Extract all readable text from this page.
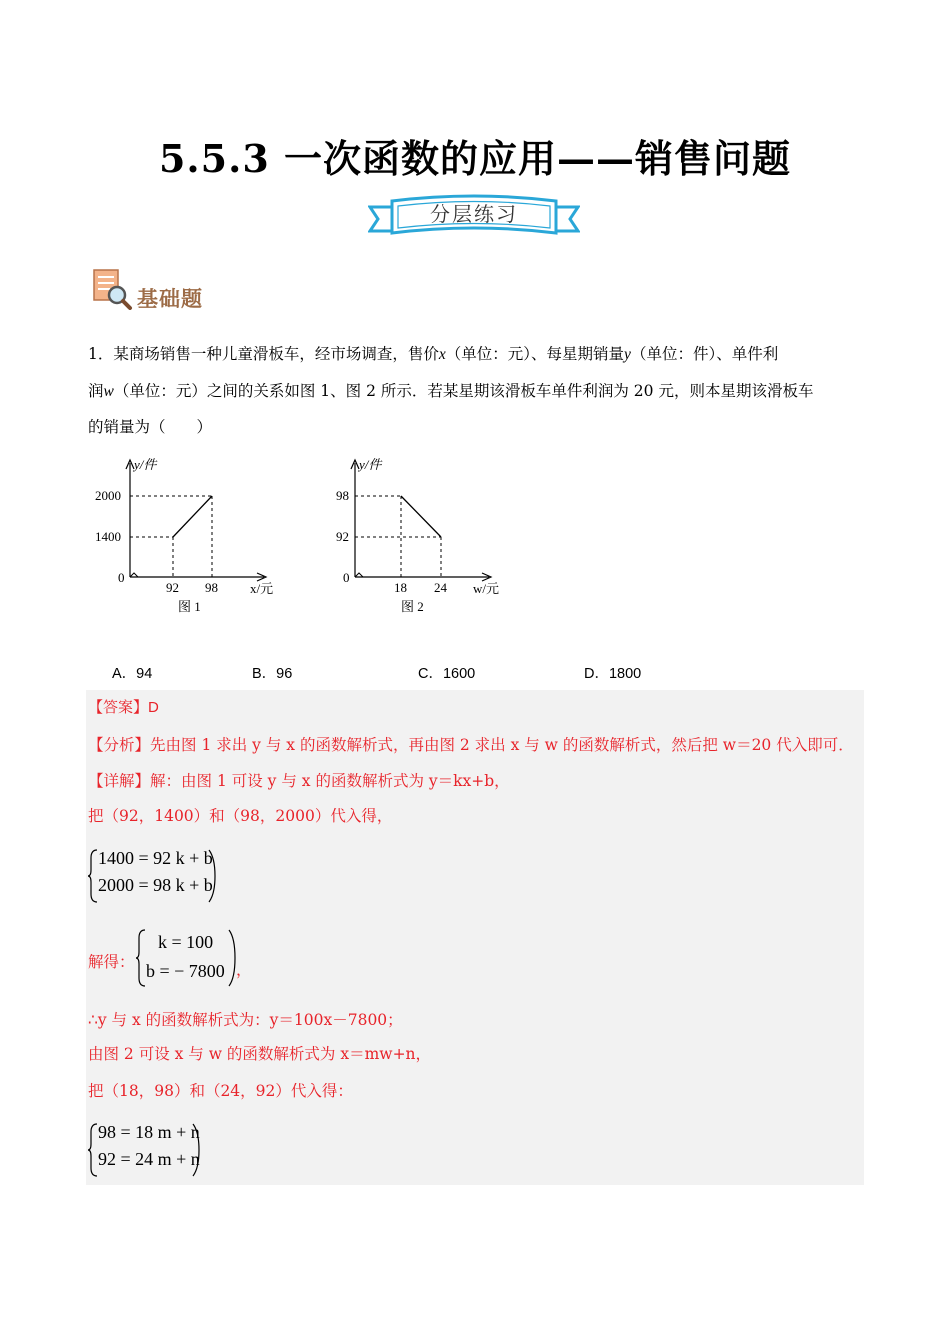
5.5.3 一次函数的应用——销售问题
分层练习
基础题
1．某商场销售一种儿童滑板车，经市场调查，售价x（单位：元）、每星期销量y（单位：件）、单件利
润w（单位：元）之间的关系如图 1、图 2 所示．若某星期该滑板车单件利润为 20 元，则本星期该滑板车
的销量为（　　）
y/件
2000
1400
0
92 98 x/元
图 1
y/件
98
92
0
18 24 w/元
图 2
A．94	B．96	C．1600	D．1800
【答案】D
【分析】先由图 1 求出 y 与 x 的函数解析式，再由图 2 求出 x 与 w 的函数解析式，然后把 w＝20 代入即可．
【详解】解：由图 1 可设 y 与 x 的函数解析式为 y＝kx+b，
把（92，1400）和（98，2000）代入得，
1400 = 92 k + b
2000 = 98 k + b
解得：
k = 100
b = − 7800 ，
∴y 与 x 的函数解析式为：y＝100x－7800；
由图 2 可设 x 与 w 的函数解析式为 x＝mw+n，
把（18，98）和（24，92）代入得：
98 = 18 m + n
92 = 24 m + n
